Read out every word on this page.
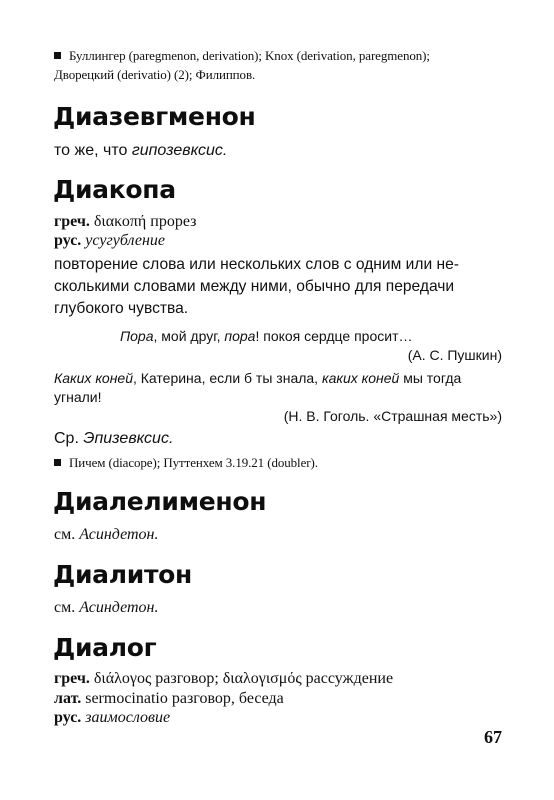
Буллингер (paregmenon, derivation); Knox (derivation, paregmenon);
Дворецкий (derivatio) (2); Филиппов.
Диазевгменон
то же, что гипозевксис.
Диакопа
греч. διακοπή прорез
рус. усугубление
повторение слова или нескольких слов с одним или не-
сколькими словами между ними, обычно для передачи
глубокого чувства.
Пора, мой друг, пора! покоя сердце просит…
(А. С. Пушкин)
Каких коней, Катерина, если б ты знала, каких коней мы тогда
угнали!
(Н. В. Гоголь. «Страшная месть»)
Ср. Эпизевксис.
Пичем (diacope); Путтенхем 3.19.21 (doubler).
Диалелименон
см. Асиндетон.
Диалитон
см. Асиндетон.
Диалог
греч. διάλογος разговор; διαλογισμός рассуждение
лат. sermocinatio разговор, беседа
рус. заимословие
67
